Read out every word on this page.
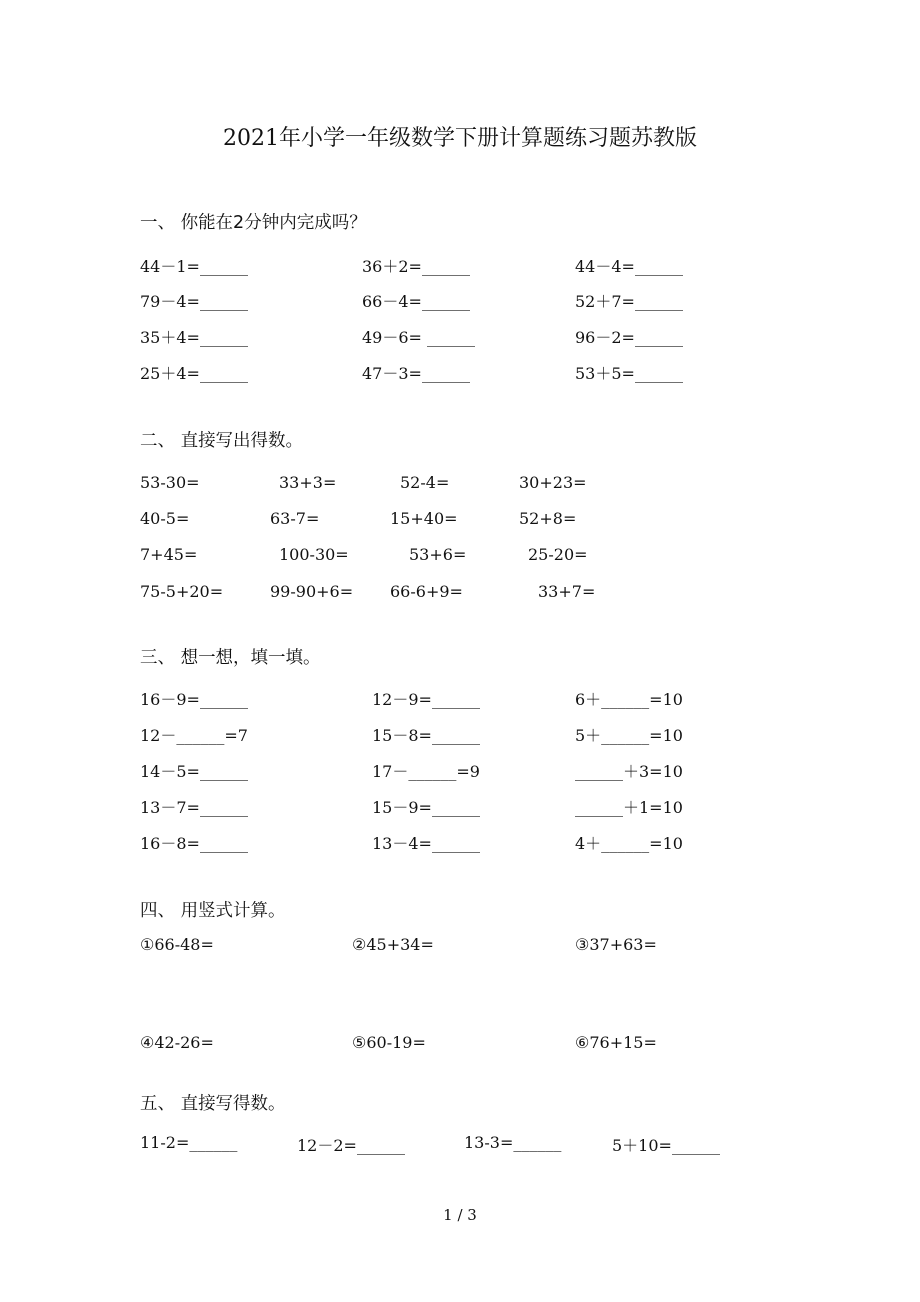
2021年小学一年级数学下册计算题练习题苏教版
一、 你能在2分钟内完成吗？
44－1=______	36＋2=______	44－4=______
79－4=______	66－4=______	52＋7=______
35＋4=______	49－6= ______	96－2=______
25＋4=______	47－3=______	53＋5=______
二、 直接写出得数。
53-30=	33+3=	52-4=	30+23=
40-5=	63-7=	15+40=	52+8=
7+45=	100-30=	53+6=	25-20=
75-5+20=	99-90+6= 66-6+9=	33+7=
三、 想一想，填一填。
16－9=______	12－9=______	6＋______=10
12－______=7	15－8=______	5＋______=10
14－5=______	17－______=9	______＋3=10
13－7=______	15－9=______	______＋1=10
16－8=______	13－4=______	4＋______=10
四、 用竖式计算。
①66-48=	②45+34=	③37+63=
④42-26=	⑤60-19=	⑥76+15=
五、 直接写得数。
11-2=______	12－2=______	13-3=______	5＋10=______
1 / 3
